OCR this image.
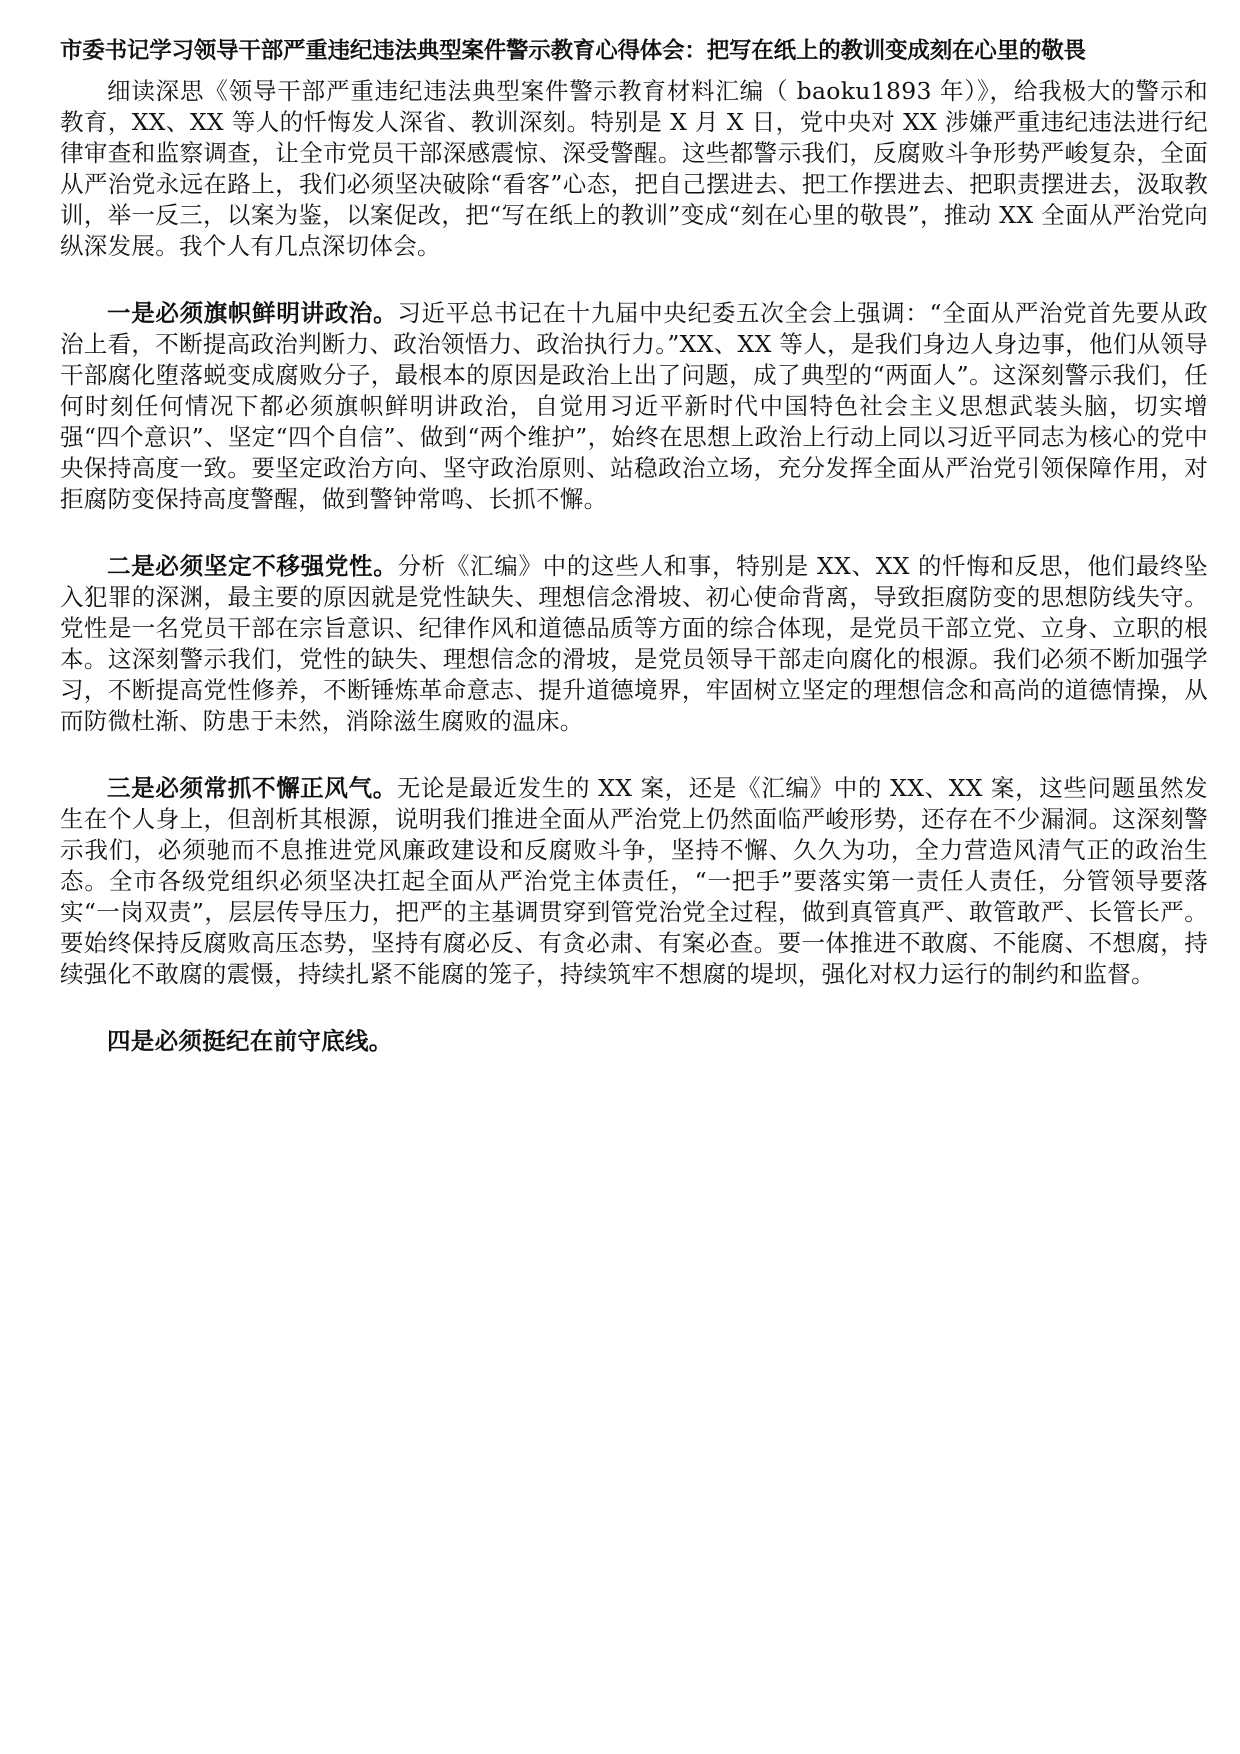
市委书记学习领导干部严重违纪违法典型案件警示教育心得体会：把写在纸上的教训变成刻在心里的敬畏

细读深思《领导干部严重违纪违法典型案件警示教育材料汇编（ baoku1893 年）》，给我极大的警示和教育，XX、XX 等人的忏悔发人深省、教训深刻。特别是 X 月 X 日，党中央对 XX 涉嫌严重违纪违法进行纪律审查和监察调查，让全市党员干部深感震惊、深受警醒。这些都警示我们，反腐败斗争形势严峻复杂，全面从严治党永远在路上，我们必须坚决破除“看客”心态，把自己摆进去、把工作摆进去、把职责摆进去，汲取教训，举一反三，以案为鉴，以案促改，把“写在纸上的教训”变成“刻在心里的敬畏”，推动 XX 全面从严治党向纵深发展。我个人有几点深切体会。

一是必须旗帜鲜明讲政治。习近平总书记在十九届中央纪委五次全会上强调：“全面从严治党首先要从政治上看，不断提高政治判断力、政治领悟力、政治执行力。”XX、XX 等人，是我们身边人身边事，他们从领导干部腐化堕落蜕变成腐败分子，最根本的原因是政治上出了问题，成了典型的“两面人”。这深刻警示我们，任何时刻任何情况下都必须旗帜鲜明讲政治，自觉用习近平新时代中国特色社会主义思想武装头脑，切实增强“四个意识”、坚定“四个自信”、做到“两个维护”，始终在思想上政治上行动上同以习近平同志为核心的党中央保持高度一致。要坚定政治方向、坚守政治原则、站稳政治立场，充分发挥全面从严治党引领保障作用，对拒腐防变保持高度警醒，做到警钟常鸣、长抓不懈。

二是必须坚定不移强党性。分析《汇编》中的这些人和事，特别是 XX、XX 的忏悔和反思，他们最终坠入犯罪的深渊，最主要的原因就是党性缺失、理想信念滑坡、初心使命背离，导致拒腐防变的思想防线失守。党性是一名党员干部在宗旨意识、纪律作风和道德品质等方面的综合体现，是党员干部立党、立身、立职的根本。这深刻警示我们，党性的缺失、理想信念的滑坡，是党员领导干部走向腐化的根源。我们必须不断加强学习，不断提高党性修养，不断锤炼革命意志、提升道德境界，牢固树立坚定的理想信念和高尚的道德情操，从而防微杜渐、防患于未然，消除滋生腐败的温床。

三是必须常抓不懈正风气。无论是最近发生的 XX 案，还是《汇编》中的 XX、XX 案，这些问题虽然发生在个人身上，但剖析其根源，说明我们推进全面从严治党上仍然面临严峻形势，还存在不少漏洞。这深刻警示我们，必须驰而不息推进党风廉政建设和反腐败斗争，坚持不懈、久久为功，全力营造风清气正的政治生态。全市各级党组织必须坚决扛起全面从严治党主体责任，“一把手”要落实第一责任人责任，分管领导要落实“一岗双责”，层层传导压力，把严的主基调贯穿到管党治党全过程，做到真管真严、敢管敢严、长管长严。要始终保持反腐败高压态势，坚持有腐必反、有贪必肃、有案必查。要一体推进不敢腐、不能腐、不想腐，持续强化不敢腐的震慑，持续扎紧不能腐的笼子，持续筑牢不想腐的堤坝，强化对权力运行的制约和监督。

四是必须挺纪在前守底线。
